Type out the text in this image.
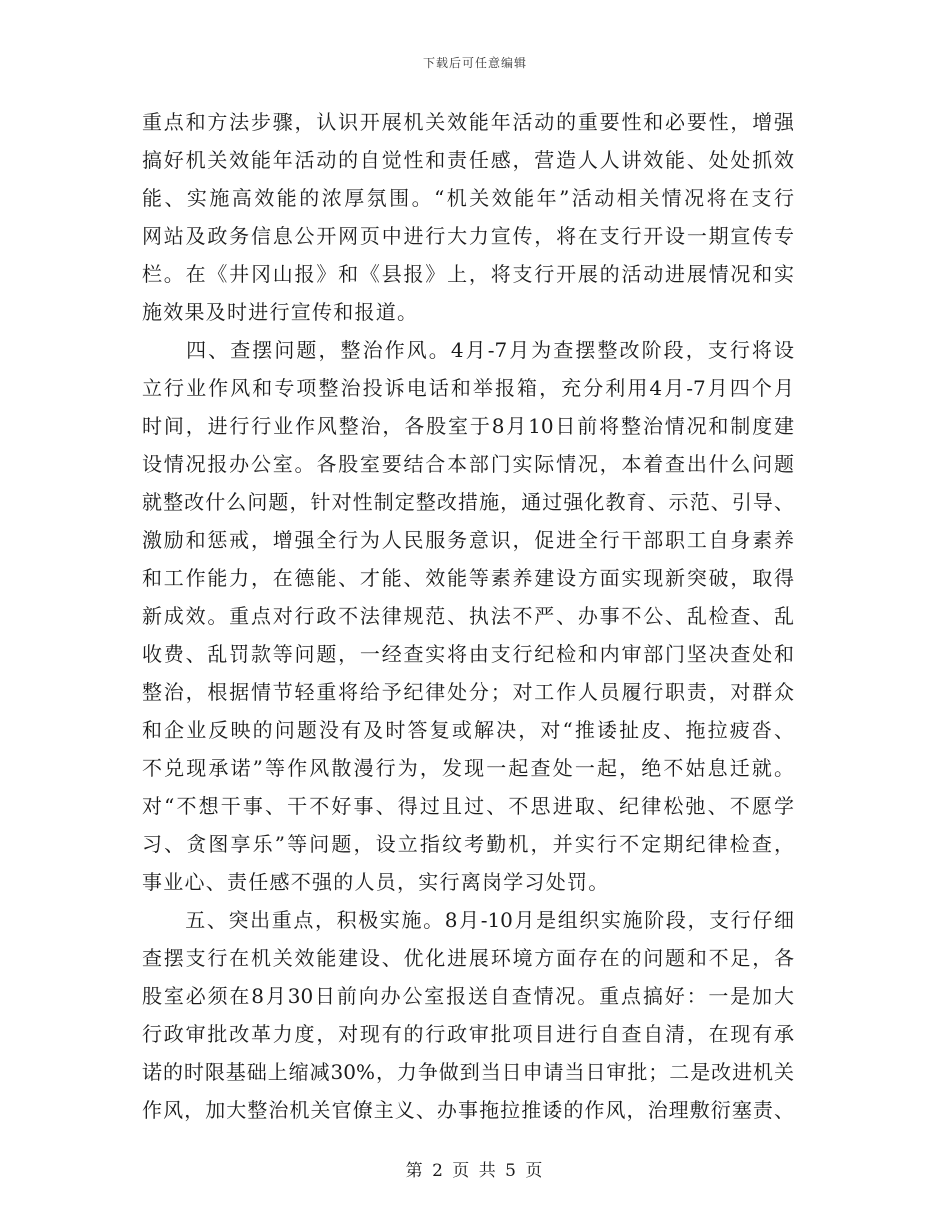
下载后可任意编辑
重点和方法步骤，认识开展机关效能年活动的重要性和必要性，增强
搞好机关效能年活动的自觉性和责任感，营造人人讲效能、处处抓效
能、实施高效能的浓厚氛围。“机关效能年”活动相关情况将在支行
网站及政务信息公开网页中进行大力宣传，将在支行开设一期宣传专
栏。在《井冈山报》和《县报》上，将支行开展的活动进展情况和实
施效果及时进行宣传和报道。
　　四、查摆问题，整治作风。4月-7月为查摆整改阶段，支行将设
立行业作风和专项整治投诉电话和举报箱，充分利用4月-7月四个月
时间，进行行业作风整治，各股室于8月10日前将整治情况和制度建
设情况报办公室。各股室要结合本部门实际情况，本着查出什么问题
就整改什么问题，针对性制定整改措施，通过强化教育、示范、引导、
激励和惩戒，增强全行为人民服务意识，促进全行干部职工自身素养
和工作能力，在德能、才能、效能等素养建设方面实现新突破，取得
新成效。重点对行政不法律规范、执法不严、办事不公、乱检查、乱
收费、乱罚款等问题，一经查实将由支行纪检和内审部门坚决查处和
整治，根据情节轻重将给予纪律处分；对工作人员履行职责，对群众
和企业反映的问题没有及时答复或解决，对“推诿扯皮、拖拉疲沓、
不兑现承诺”等作风散漫行为，发现一起查处一起，绝不姑息迁就。
对“不想干事、干不好事、得过且过、不思进取、纪律松弛、不愿学
习、贪图享乐”等问题，设立指纹考勤机，并实行不定期纪律检查，
事业心、责任感不强的人员，实行离岗学习处罚。
　　五、突出重点，积极实施。8月-10月是组织实施阶段，支行仔细
查摆支行在机关效能建设、优化进展环境方面存在的问题和不足，各
股室必须在8月30日前向办公室报送自查情况。重点搞好：一是加大
行政审批改革力度，对现有的行政审批项目进行自查自清，在现有承
诺的时限基础上缩减30%，力争做到当日申请当日审批；二是改进机关
作风，加大整治机关官僚主义、办事拖拉推诿的作风，治理敷衍塞责、
第 2 页 共 5 页
